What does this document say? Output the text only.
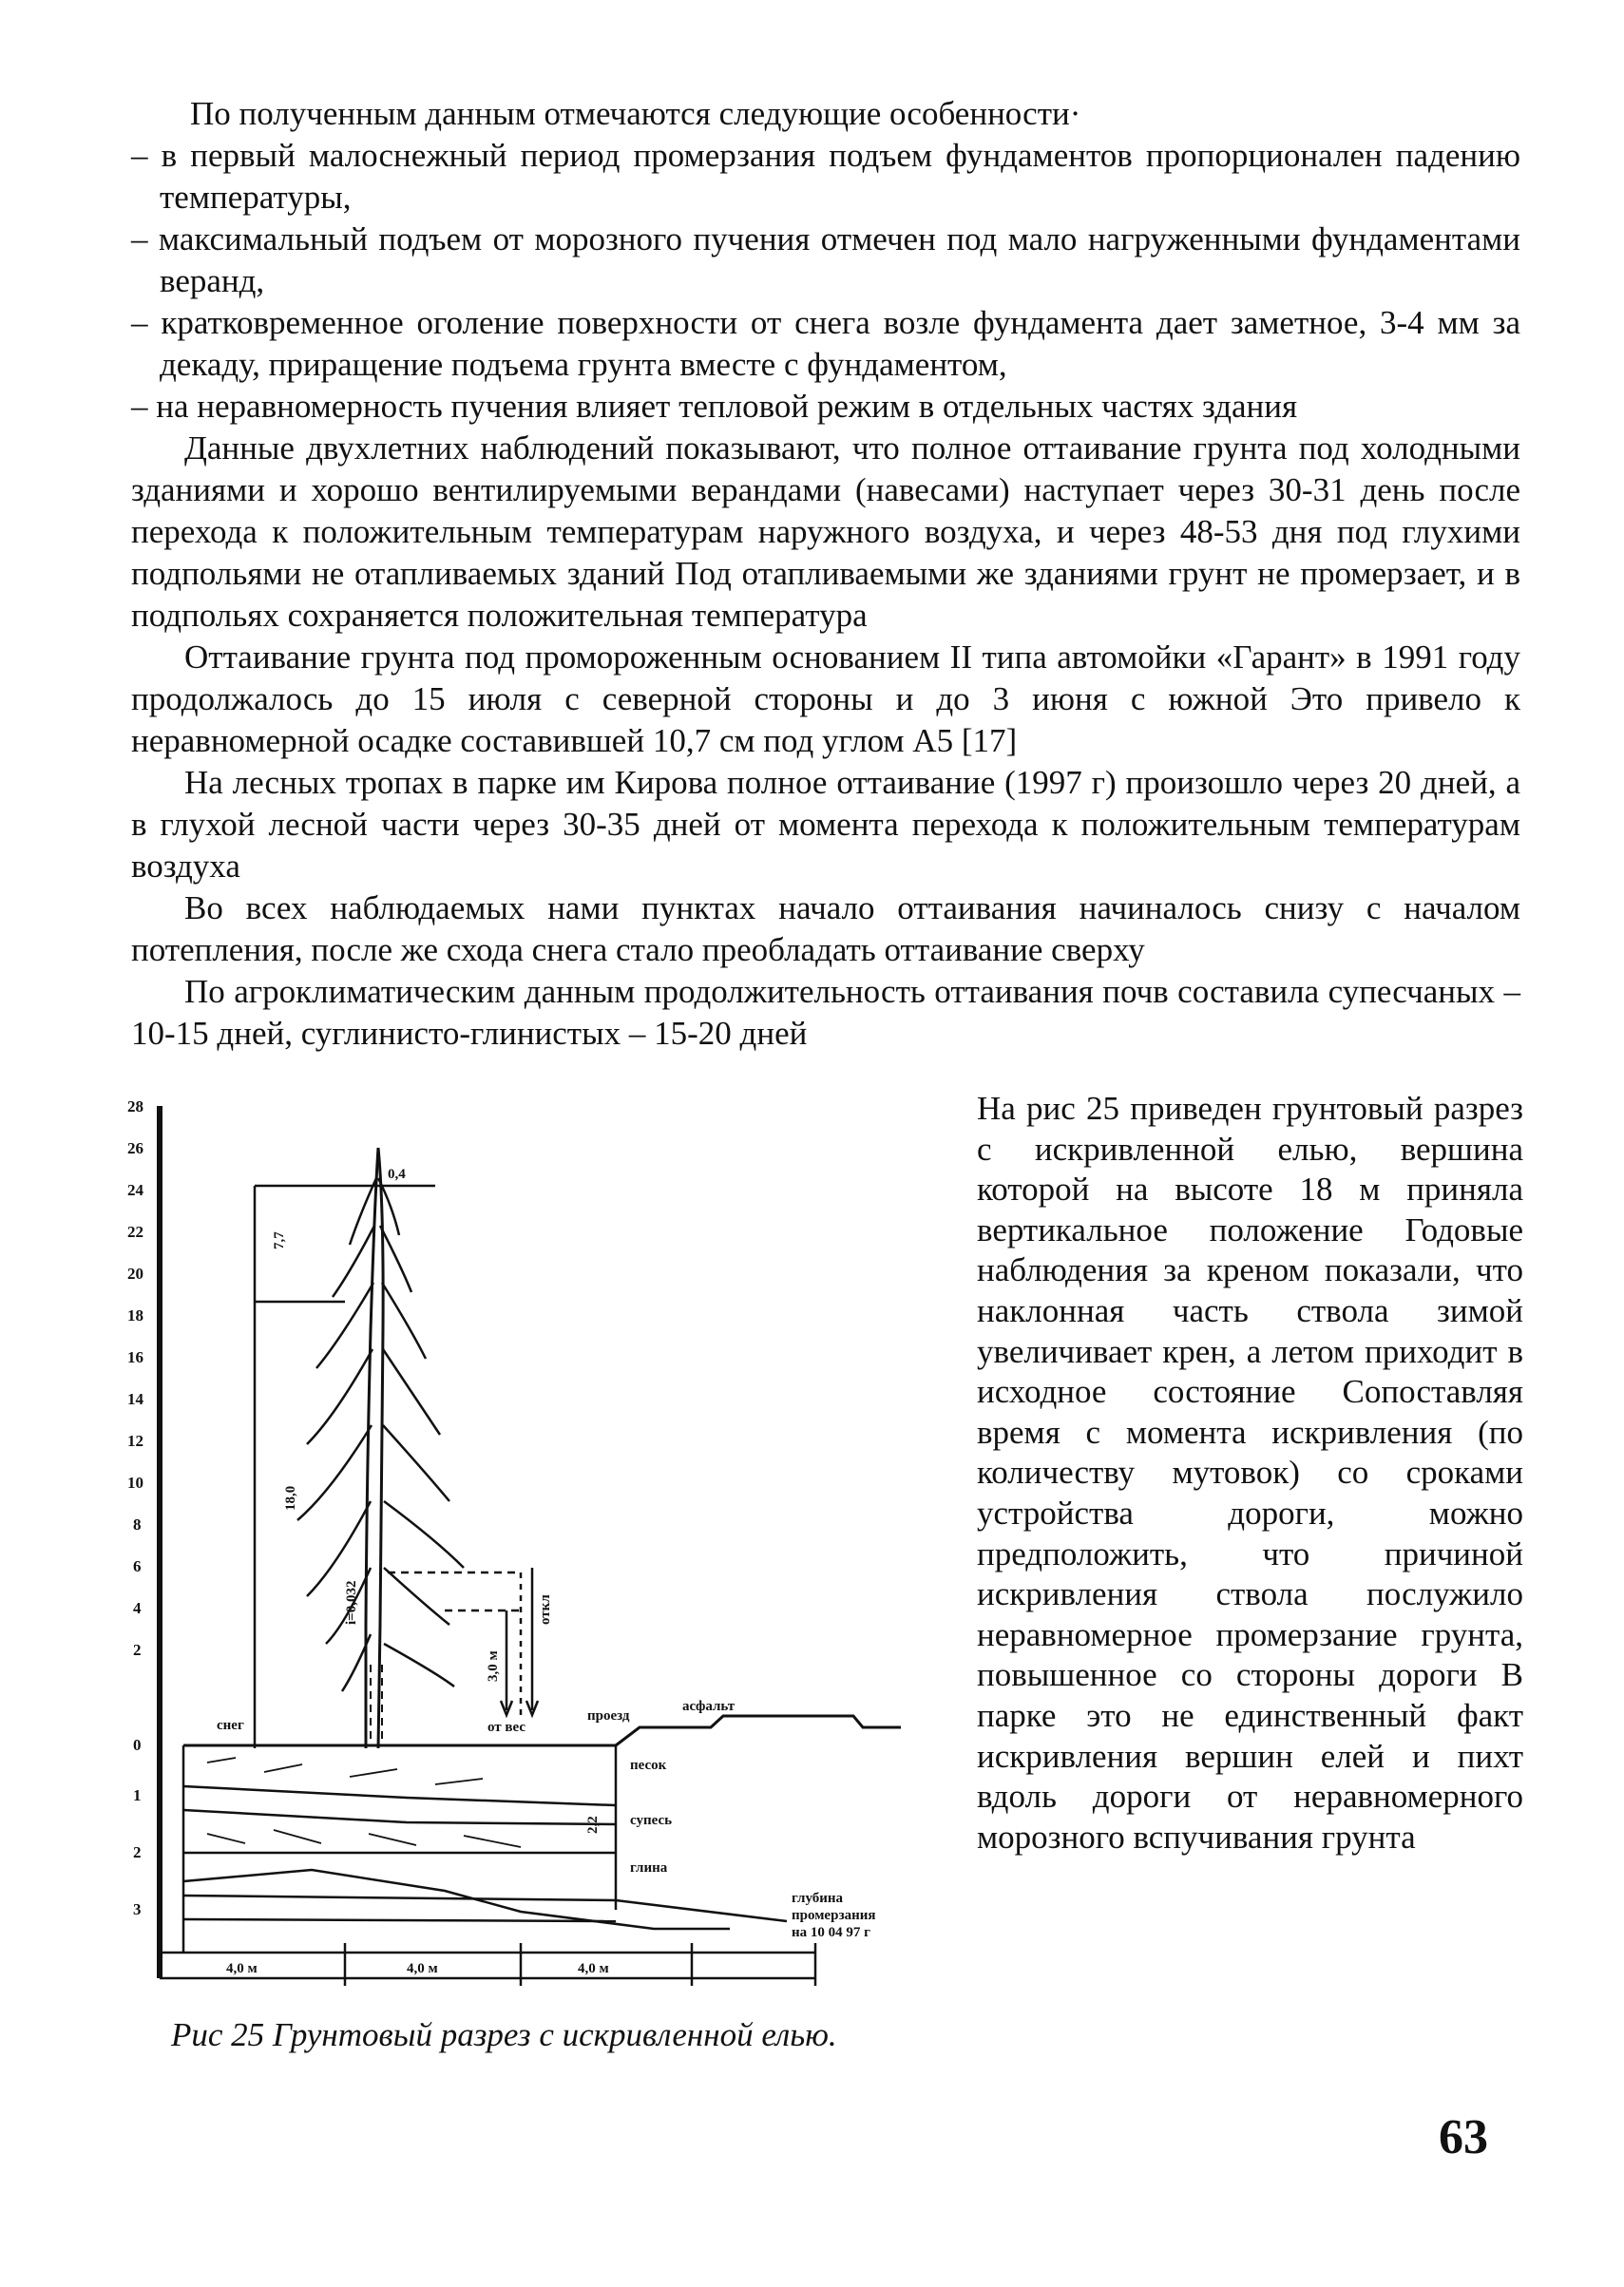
По полученным данным отмечаются следующие особенности·

– в первый малоснежный период промерзания подъем фундаментов пропорционален падению температуры,

– максимальный подъем от морозного пучения отмечен под мало нагруженными фундаментами веранд,

– кратковременное оголение поверхности от снега возле фундамента дает заметное, 3-4 мм за декаду, приращение подъема грунта вместе с фундаментом,

– на неравномерность пучения влияет тепловой режим в отдельных частях здания

Данные двухлетних наблюдений показывают, что полное оттаивание грунта под холодными зданиями и хорошо вентилируемыми верандами (навесами) наступает через 30-31 день после перехода к положительным температурам наружного воздуха, и через 48-53 дня под глухими подпольями не отапливаемых зданий Под отапливаемыми же зданиями грунт не промерзает, и в подпольях сохраняется положительная температура

Оттаивание грунта под промороженным основанием II типа автомойки «Гарант» в 1991 году продолжалось до 15 июля с северной стороны и до 3 июня с южной Это привело к неравномерной осадке составившей 10,7 см под углом А5 [17]

На лесных тропах в парке им Кирова полное оттаивание (1997 г) произошло через 20 дней, а в глухой лесной части через 30-35 дней от момента перехода к положительным температурам воздуха

Во всех наблюдаемых нами пунктах начало оттаивания начиналось снизу с началом потепления, после же схода снега стало преобладать оттаивание сверху

По агроклиматическим данным продолжительность оттаивания почв составила супесчаных – 10-15 дней, суглинисто-глинистых – 15-20 дней

28
26
24
22
20
18
16
14
12
10
8
6
4
2
0
1
2
3
0,4
7,7
18,0
i=0,032
3,0 м
откл
от вес
снег
проезд
асфальт
песок
супесь
глина
2,2
глубина
промерзания
на 10 04 97 г
4,0 м	4,0 м	4,0 м

На рис 25 приведен грунтовый разрез с искривленной елью, вершина которой на высоте 18 м приняла вертикальное положение Годовые наблюдения за креном показали, что наклонная часть ствола зимой увеличивает крен, а летом приходит в исходное состояние Сопоставляя время с момента искривления (по количеству мутовок) со сроками устройства дороги, можно предположить, что причиной искривления ствола послужило неравномерное промерзание грунта, повышенное со стороны дороги В парке это не единственный факт искривления вершин елей и пихт вдоль дороги от неравномерного морозного вспучивания грунта

Рис 25 Грунтовый разрез с искривленной елью.

63
